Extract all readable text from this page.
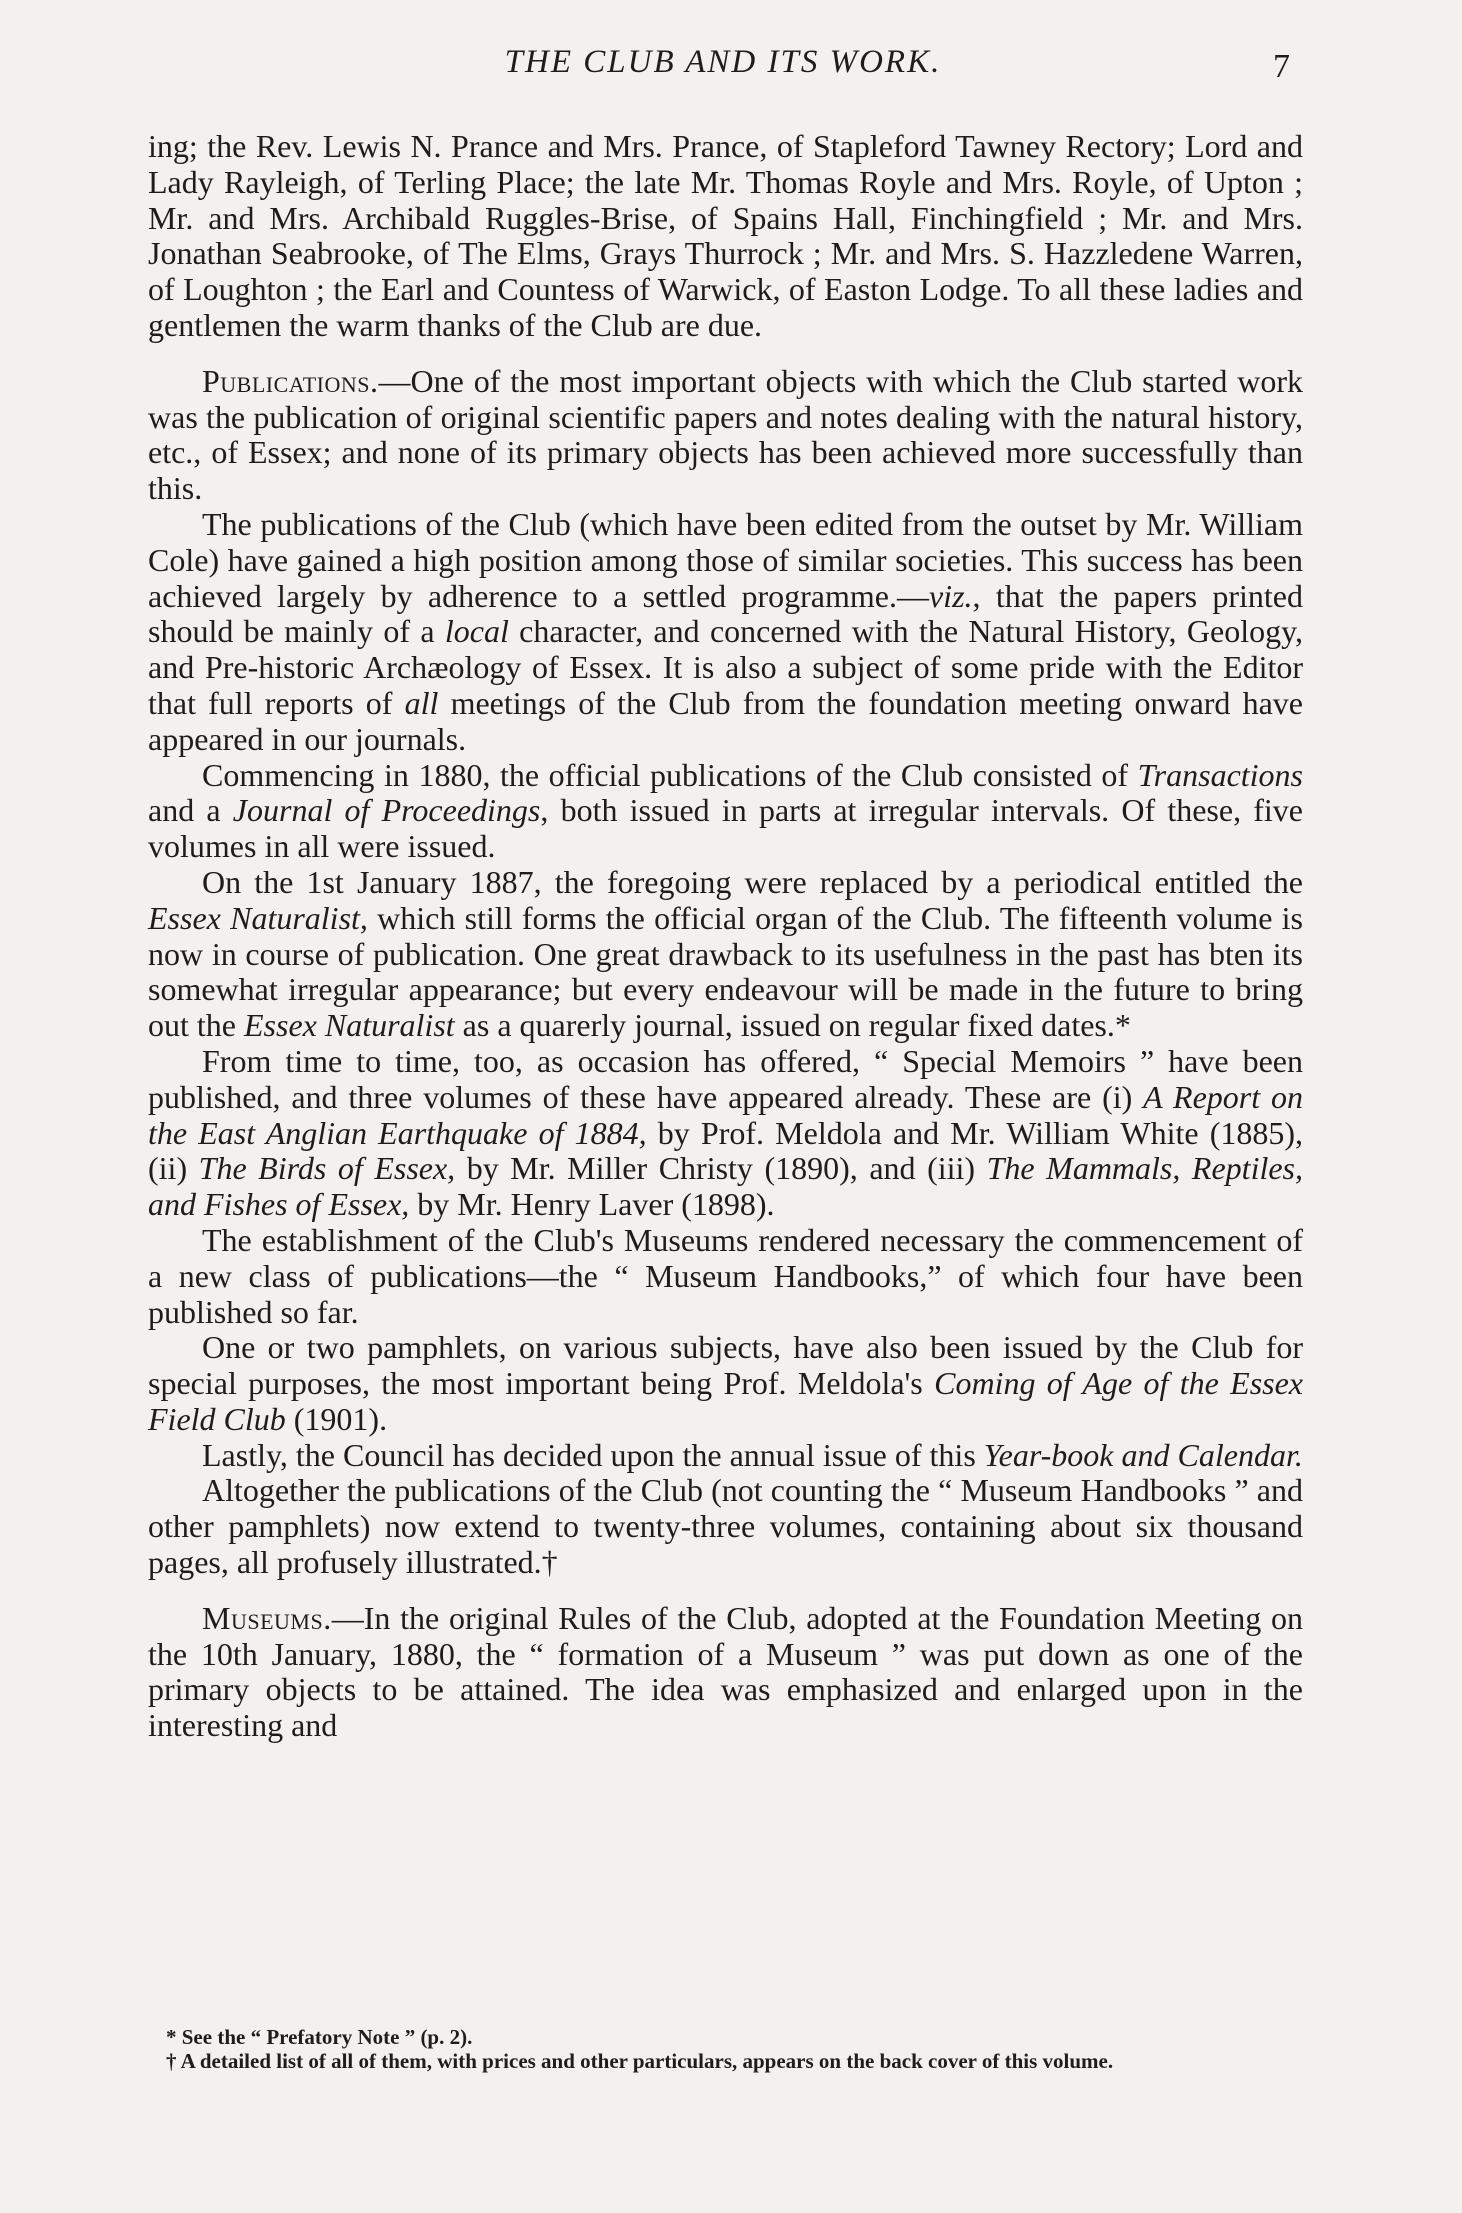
THE CLUB AND ITS WORK.	7

ing; the Rev. Lewis N. Prance and Mrs. Prance, of Stapleford Tawney Rectory; Lord and Lady Rayleigh, of Terling Place; the late Mr. Thomas Royle and Mrs. Royle, of Upton ; Mr. and Mrs. Archibald Ruggles-Brise, of Spains Hall, Finchingfield ; Mr. and Mrs. Jonathan Seabrooke, of The Elms, Grays Thurrock ; Mr. and Mrs. S. Hazzledene Warren, of Loughton ; the Earl and Countess of Warwick, of Easton Lodge. To all these ladies and gentlemen the warm thanks of the Club are due.

Publications.—One of the most important objects with which the Club started work was the publication of original scientific papers and notes dealing with the natural history, etc., of Essex; and none of its primary objects has been achieved more successfully than this.

The publications of the Club (which have been edited from the outset by Mr. William Cole) have gained a high position among those of similar societies. This success has been achieved largely by adherence to a settled programme.—viz., that the papers printed should be mainly of a local character, and concerned with the Natural History, Geology, and Pre-historic Archæology of Essex. It is also a subject of some pride with the Editor that full reports of all meetings of the Club from the foundation meeting onward have appeared in our journals.

Commencing in 1880, the official publications of the Club consisted of Transactions and a Journal of Proceedings, both issued in parts at irregular intervals. Of these, five volumes in all were issued.

On the 1st January 1887, the foregoing were replaced by a periodical entitled the Essex Naturalist, which still forms the official organ of the Club. The fifteenth volume is now in course of publication. One great drawback to its usefulness in the past has bten its somewhat irregular appearance; but every endeavour will be made in the future to bring out the Essex Naturalist as a quarerly journal, issued on regular fixed dates.*

From time to time, too, as occasion has offered, “ Special Memoirs ” have been published, and three volumes of these have appeared already. These are (i) A Report on the East Anglian Earthquake of 1884, by Prof. Meldola and Mr. William White (1885), (ii) The Birds of Essex, by Mr. Miller Christy (1890), and (iii) The Mammals, Reptiles, and Fishes of Essex, by Mr. Henry Laver (1898).

The establishment of the Club's Museums rendered necessary the commencement of a new class of publications—the “ Museum Handbooks,” of which four have been published so far.

One or two pamphlets, on various subjects, have also been issued by the Club for special purposes, the most important being Prof. Meldola's Coming of Age of the Essex Field Club (1901).

Lastly, the Council has decided upon the annual issue of this Year-book and Calendar.

Altogether the publications of the Club (not counting the “ Museum Handbooks ” and other pamphlets) now extend to twenty-three volumes, containing about six thousand pages, all profusely illustrated.†

Museums.—In the original Rules of the Club, adopted at the Foundation Meeting on the 10th January, 1880, the “ formation of a Museum ” was put down as one of the primary objects to be attained. The idea was emphasized and enlarged upon in the interesting and

* See the “ Prefatory Note ” (p. 2).

† A detailed list of all of them, with prices and other particulars, appears on the back cover of this volume.
